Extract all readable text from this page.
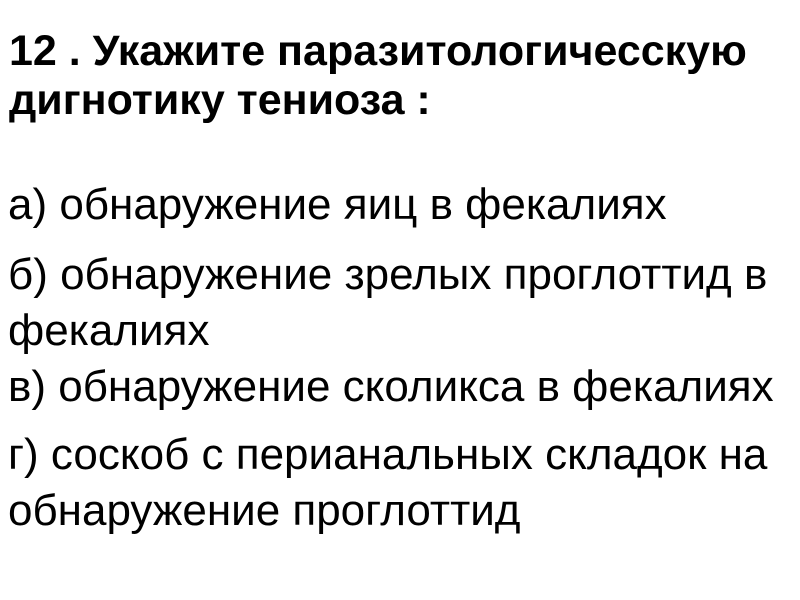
12 . Укажите паразитологичесскую
дигнотику тениоза :
а) обнаружение яиц в фекалиях
б) обнаружение зрелых проглоттид в
фекалиях
в) обнаружение сколикса в фекалиях
г) соскоб с перианальных складок на
обнаружение проглоттид
